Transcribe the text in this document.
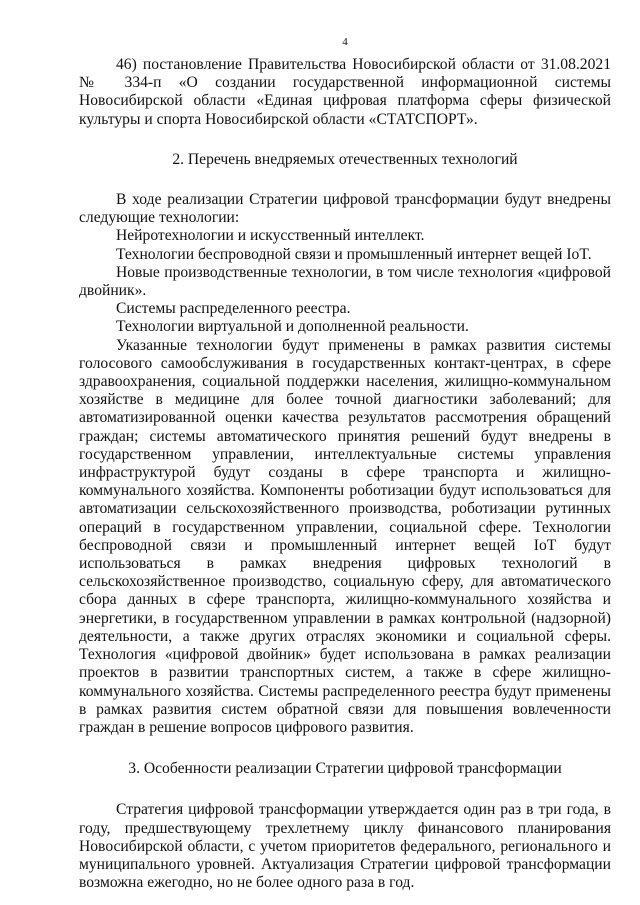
4

46) постановление Правительства Новосибирской области от 31.08.2021 № 334-п «О создании государственной информационной системы Новосибирской области «Единая цифровая платформа сферы физической культуры и спорта Новосибирской области «СТАТСПОРТ».

2. Перечень внедряемых отечественных технологий

В ходе реализации Стратегии цифровой трансформации будут внедрены следующие технологии:

Нейротехнологии и искусственный интеллект.

Технологии беспроводной связи и промышленный интернет вещей IoT.

Новые производственные технологии, в том числе технология «цифровой двойник».

Системы распределенного реестра.

Технологии виртуальной и дополненной реальности.

Указанные технологии будут применены в рамках развития системы голосового самообслуживания в государственных контакт-центрах, в сфере здравоохранения, социальной поддержки населения, жилищно-коммунальном хозяйстве в медицине для более точной диагностики заболеваний; для автоматизированной оценки качества результатов рассмотрения обращений граждан; системы автоматического принятия решений будут внедрены в государственном управлении, интеллектуальные системы управления инфраструктурой будут созданы в сфере транспорта и жилищно-коммунального хозяйства. Компоненты роботизации будут использоваться для автоматизации сельскохозяйственного производства, роботизации рутинных операций в государственном управлении, социальной сфере. Технологии беспроводной связи и промышленный интернет вещей IoT будут использоваться в рамках внедрения цифровых технологий в сельскохозяйственное производство, социальную сферу, для автоматического сбора данных в сфере транспорта, жилищно-коммунального хозяйства и энергетики, в государственном управлении в рамках контрольной (надзорной) деятельности, а также других отраслях экономики и социальной сферы. Технология «цифровой двойник» будет использована в рамках реализации проектов в развитии транспортных систем, а также в сфере жилищно-коммунального хозяйства. Системы распределенного реестра будут применены в рамках развития систем обратной связи для повышения вовлеченности граждан в решение вопросов цифрового развития.

3. Особенности реализации Стратегии цифровой трансформации

Стратегия цифровой трансформации утверждается один раз в три года, в году, предшествующему трехлетнему циклу финансового планирования Новосибирской области, с учетом приоритетов федерального, регионального и муниципального уровней. Актуализация Стратегии цифровой трансформации возможна ежегодно, но не более одного раза в год.
